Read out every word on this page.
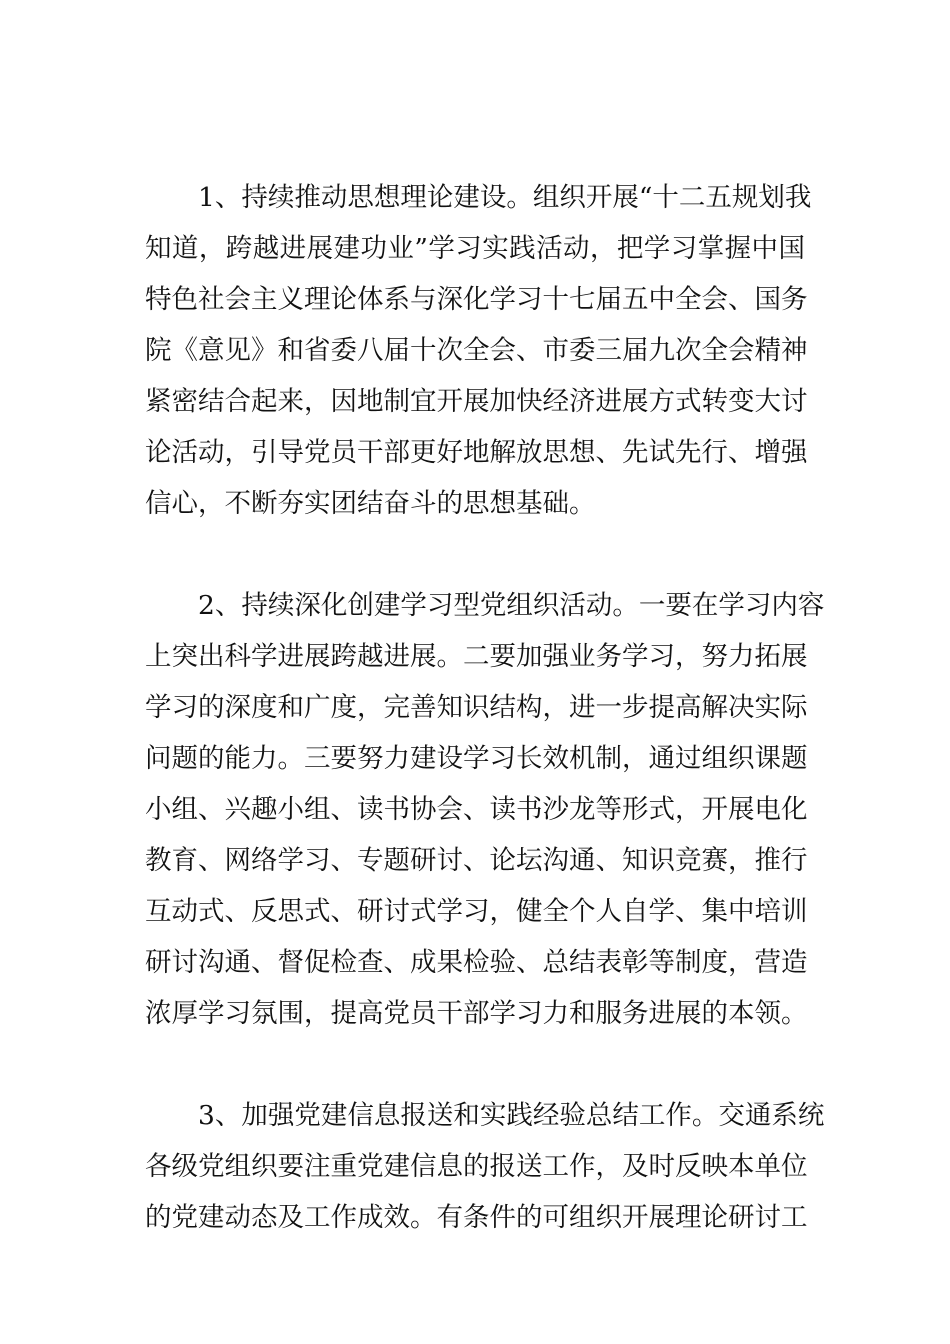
1、持续推动思想理论建设。组织开展“十二五规划我
知道，跨越进展建功业”学习实践活动，把学习掌握中国
特色社会主义理论体系与深化学习十七届五中全会、国务
院《意见》和省委八届十次全会、市委三届九次全会精神
紧密结合起来，因地制宜开展加快经济进展方式转变大讨
论活动，引导党员干部更好地解放思想、先试先行、增强
信心，不断夯实团结奋斗的思想基础。
2、持续深化创建学习型党组织活动。一要在学习内容
上突出科学进展跨越进展。二要加强业务学习，努力拓展
学习的深度和广度，完善知识结构，进一步提高解决实际
问题的能力。三要努力建设学习长效机制，通过组织课题
小组、兴趣小组、读书协会、读书沙龙等形式，开展电化
教育、网络学习、专题研讨、论坛沟通、知识竞赛，推行
互动式、反思式、研讨式学习，健全个人自学、集中培训
研讨沟通、督促检查、成果检验、总结表彰等制度，营造
浓厚学习氛围，提高党员干部学习力和服务进展的本领。
3、加强党建信息报送和实践经验总结工作。交通系统
各级党组织要注重党建信息的报送工作，及时反映本单位
的党建动态及工作成效。有条件的可组织开展理论研讨工
